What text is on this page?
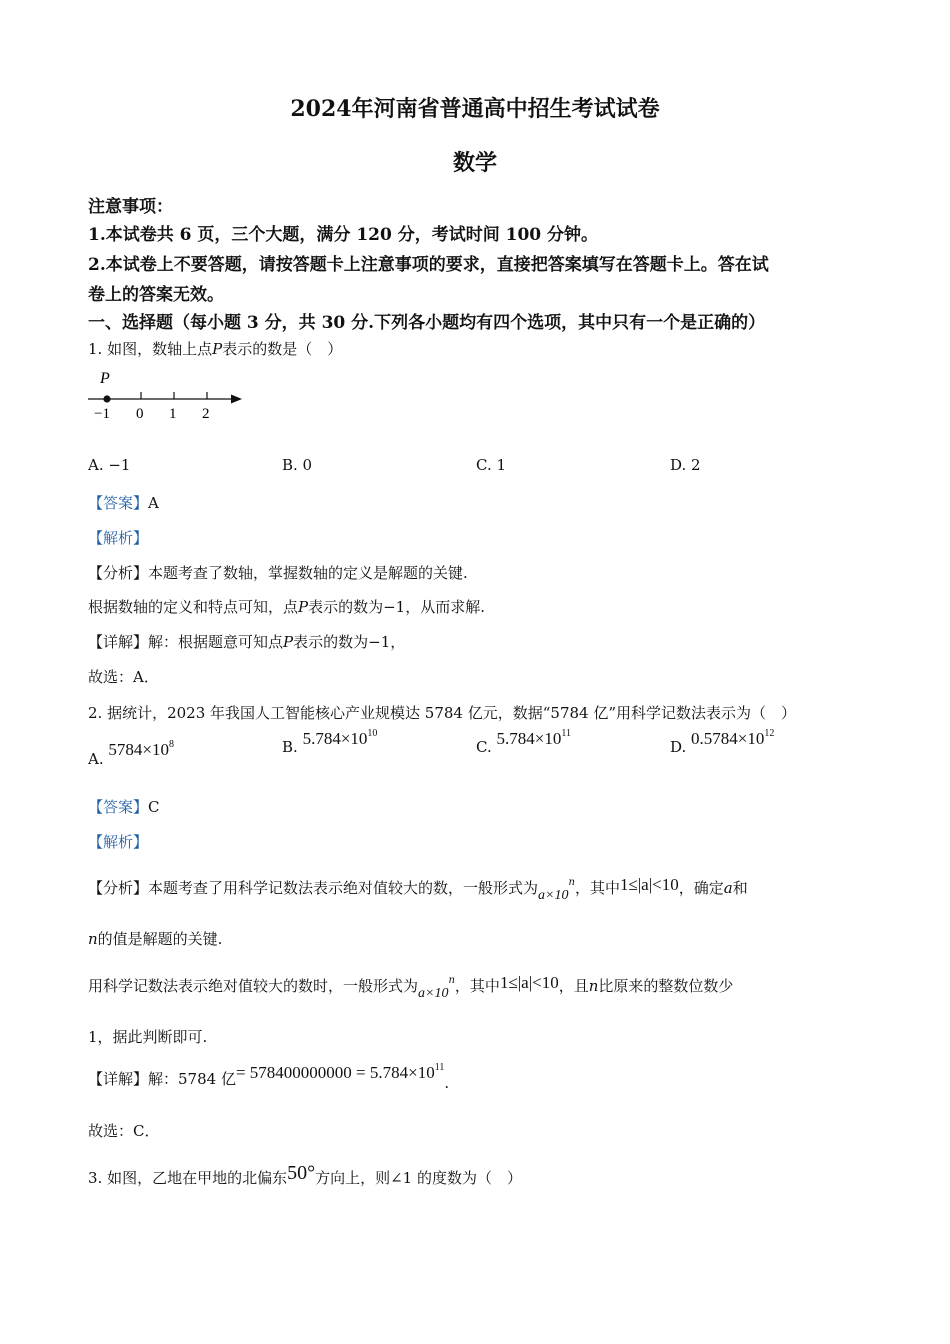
2024年河南省普通高中招生考试试卷
数学
注意事项：
1.本试卷共 6 页，三个大题，满分 120 分，考试时间 100 分钟。
2.本试卷上不要答题，请按答题卡上注意事项的要求，直接把答案填写在答题卡上。答在试
卷上的答案无效。
一、选择题（每小题 3 分，共 30 分.下列各小题均有四个选项，其中只有一个是正确的）
1. 如图，数轴上点P表示的数是（　）
P
−1 0 1 2
A. −1	B. 0	C. 1	D. 2
【答案】A
【解析】
【分析】本题考查了数轴，掌握数轴的定义是解题的关键.
根据数轴的定义和特点可知，点P表示的数为−1，从而求解.
【详解】解：根据题意可知点P表示的数为−1，
故选：A．
2. 据统计，2023 年我国人工智能核心产业规模达 5784 亿元，数据“5784 亿”用科学记数法表示为（　）
A. $5784\times 10^8$	B. $5.784\times 10^{10}$
C. $5.784\times 10^{11}$
D. $0.5784\times 10^{12}$
【答案】C
【解析】
【分析】本题考查了用科学记数法表示绝对值较大的数，一般形式为$a\times 10^n$，其中1≤|a|<10，确定a和
n的值是解题的关键.
用科学记数法表示绝对值较大的数时，一般形式为$a\times 10^n$，其中1≤|a|<10，且n比原来的整数位数少
1，据此判断即可.
【详解】解：5784 亿= $578400000000 = 5.784\times 10^{11}$.
故选：C．
3. 如图，乙地在甲地的北偏东50°方向上，则∠1 的度数为（　）
